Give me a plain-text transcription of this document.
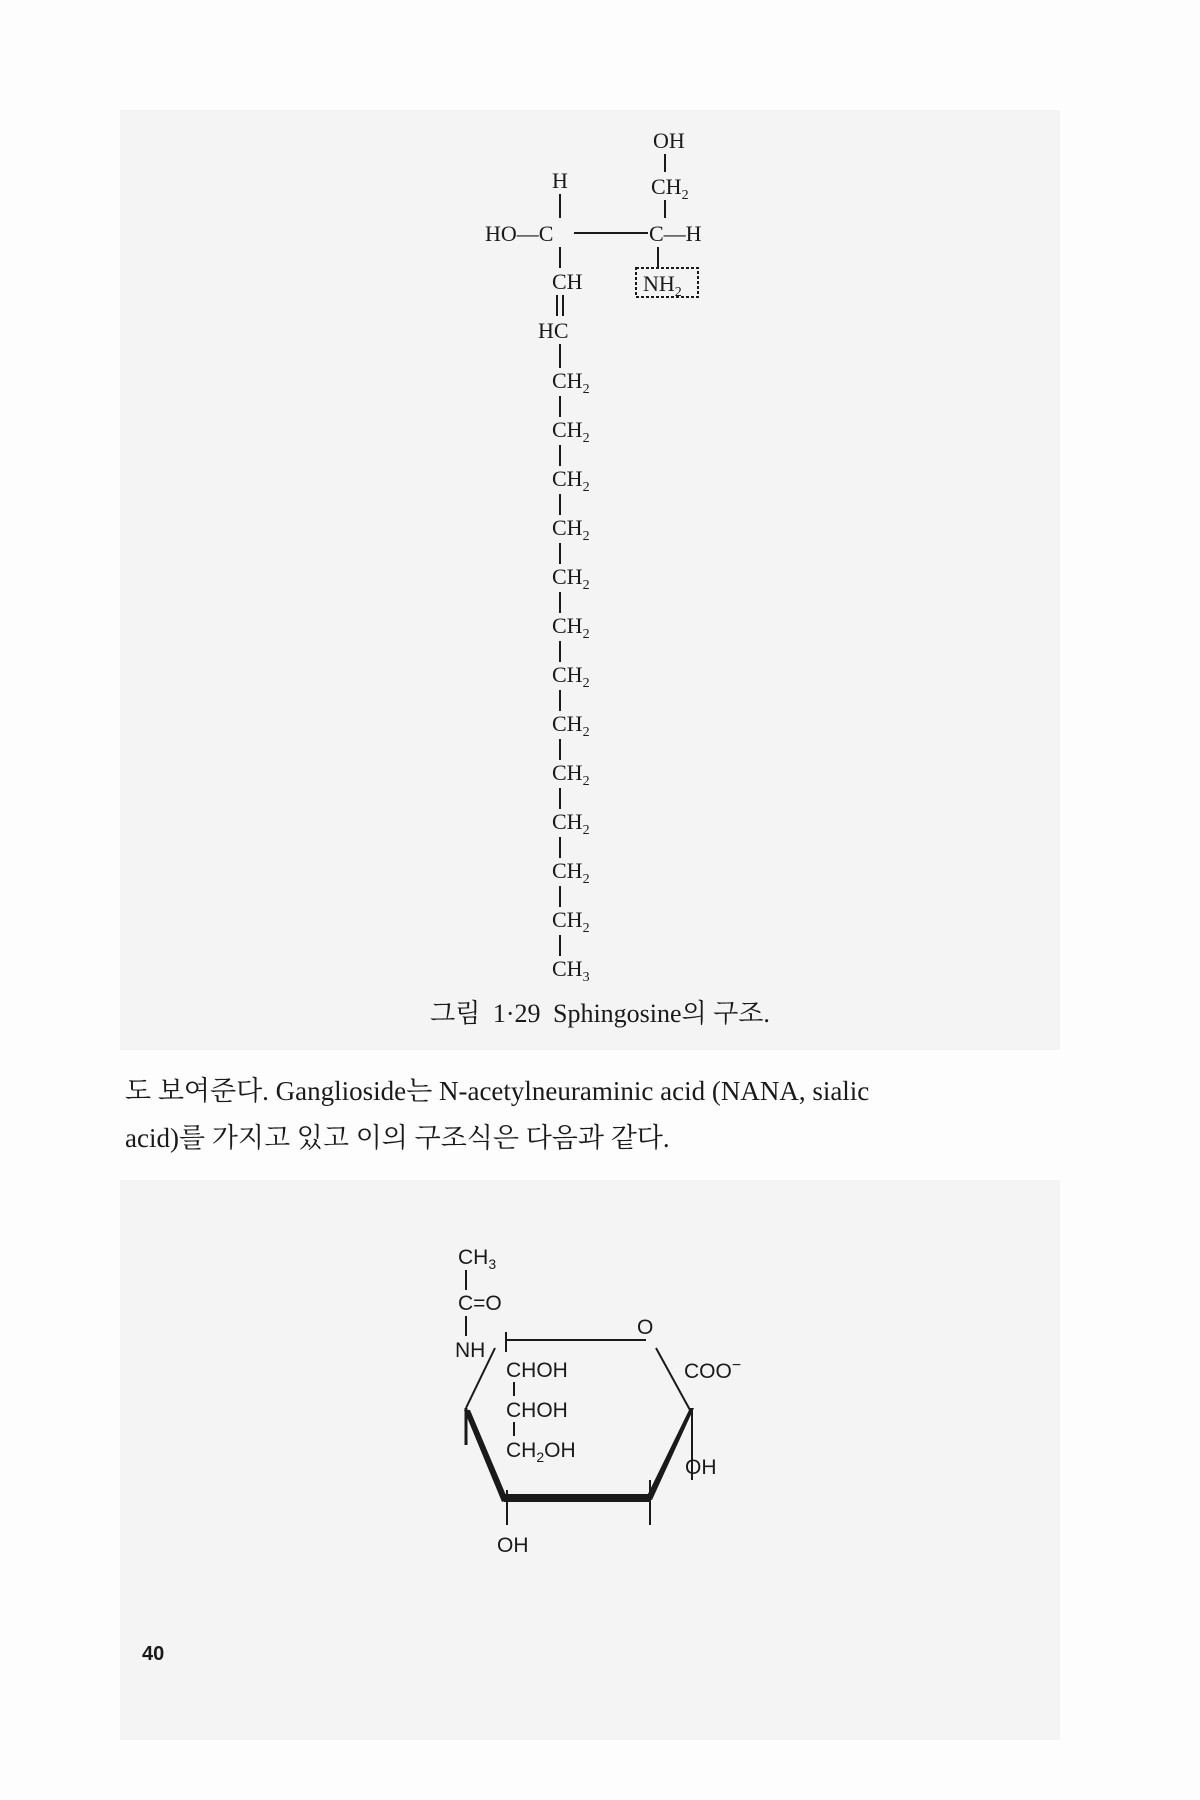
OH
$CH_2$
H
HO—C	C—H
CH	$NH_2$
HC
$CH_2$
$CH_2$
$CH_2$
$CH_2$
$CH_2$
$CH_2$
$CH_2$
$CH_2$
$CH_2$
$CH_2$
$CH_2$
$CH_2$
$CH_3$
그림 1·29 Sphingosine의 구조.
도 보여준다. Ganglioside는 N-acetylneuraminic acid (NANA, sialic
acid)를 가지고 있고 이의 구조식은 다음과 같다.
$CH_3$
C=O
NH
O
CHOH
CHOH
$CH_2OH$
COO−
OH
OH
40
